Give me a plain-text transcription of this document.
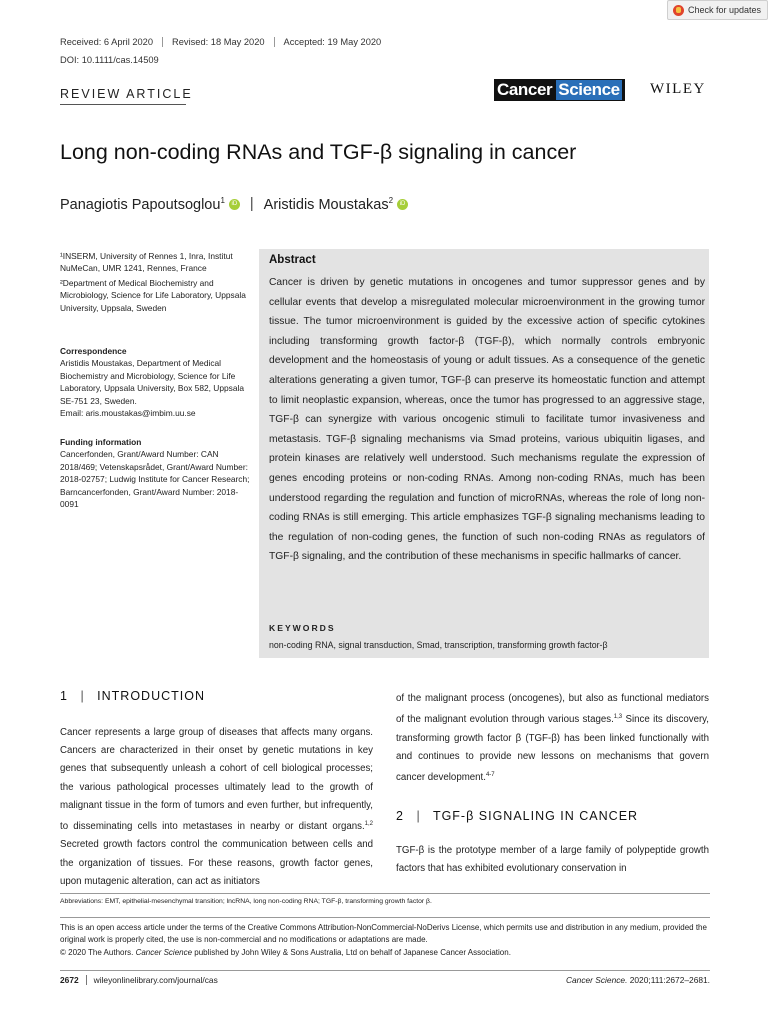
Check for updates
Received: 6 April 2020	Revised: 18 May 2020	Accepted: 19 May 2020
DOI: 10.1111/cas.14509
REVIEW ARTICLE	Cancer Science WILEY
Long non-coding RNAs and TGF-β signaling in cancer
Panagiotis Papoutsoglou$^1$	iD | Aristidis Moustakas$^2$	iD
¹INSERM, University of Rennes 1, Inra, Institut NuMeCan, UMR 1241, Rennes, France
²Department of Medical Biochemistry and Microbiology, Science for Life Laboratory, Uppsala University, Uppsala, Sweden
Correspondence
Aristidis Moustakas, Department of Medical Biochemistry and Microbiology, Science for Life Laboratory, Uppsala University, Box 582, Uppsala SE-751 23, Sweden.
Email: aris.moustakas@imbim.uu.se
Funding information
Cancerfonden, Grant/Award Number: CAN 2018/469; Vetenskapsrådet, Grant/Award Number: 2018-02757; Ludwig Institute for Cancer Research; Barncancerfonden, Grant/Award Number: 2018-0091
Abstract
Cancer is driven by genetic mutations in oncogenes and tumor suppressor genes and by cellular events that develop a misregulated molecular microenvironment in the growing tumor tissue. The tumor microenvironment is guided by the excessive action of specific cytokines including transforming growth factor-β (TGF-β), which normally controls embryonic development and the homeostasis of young or adult tissues. As a consequence of the genetic alterations generating a given tumor, TGF-β can preserve its homeostatic function and attempt to limit neoplastic expansion, whereas, once the tumor has progressed to an aggressive stage, TGF-β can synergize with various oncogenic stimuli to facilitate tumor invasiveness and metastasis. TGF-β signaling mechanisms via Smad proteins, various ubiquitin ligases, and protein kinases are relatively well understood. Such mechanisms regulate the expression of genes encoding proteins or non-coding RNAs. Among non-coding RNAs, much has been understood regarding the regulation and function of microRNAs, whereas the role of long non-coding RNAs is still emerging. This article emphasizes TGF-β signaling mechanisms leading to the regulation of non-coding genes, the function of such non-coding RNAs as regulators of TGF-β signaling, and the contribution of these mechanisms in specific hallmarks of cancer.
KEYWORDS
non-coding RNA, signal transduction, Smad, transcription, transforming growth factor-β
1 | INTRODUCTION
Cancer represents a large group of diseases that affects many organs. Cancers are characterized in their onset by genetic mutations in key genes that subsequently unleash a cohort of cell biological processes; the various pathological processes ultimately lead to the growth of malignant tissue in the form of tumors and even further, but infrequently, to disseminating cells into metastases in nearby or distant organs.$^{1,2}$ Secreted growth factors control the communication between cells and the organization of tissues. For these reasons, growth factor genes, upon mutagenic alteration, can act as initiators
of the malignant process (oncogenes), but also as functional mediators of the malignant evolution through various stages.$^{1,3}$ Since its discovery, transforming growth factor β (TGF-β) has been linked functionally with and continues to provide new lessons on mechanisms that govern cancer development.$^{4-7}$
2 | TGF-β SIGNALING IN CANCER
TGF-β is the prototype member of a large family of polypeptide growth factors that has exhibited evolutionary conservation in
Abbreviations: EMT, epithelial-mesenchymal transition; lncRNA, long non-coding RNA; TGF-β, transforming growth factor β.
This is an open access article under the terms of the Creative Commons Attribution-NonCommercial-NoDerivs License, which permits use and distribution in any medium, provided the original work is properly cited, the use is non-commercial and no modifications or adaptations are made.
© 2020 The Authors. Cancer Science published by John Wiley & Sons Australia, Ltd on behalf of Japanese Cancer Association.
2672	wileyonlinelibrary.com/journal/cas	Cancer Science. 2020;111:2672–2681.
